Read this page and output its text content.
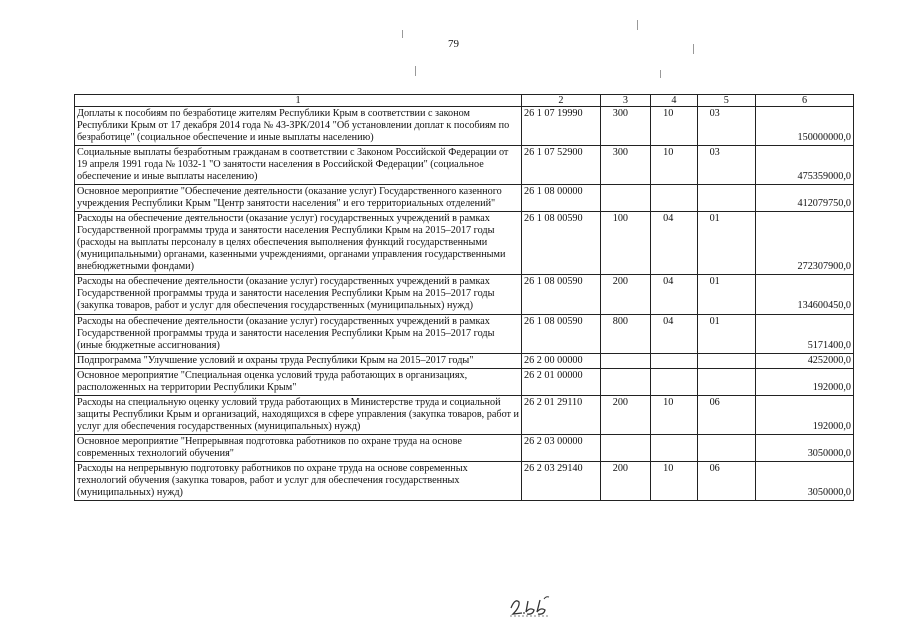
79
1	2	3	4	5	6
Доплаты к пособиям по безработице жителям Республики Крым в соответствии с законом Республики Крым от 17 декабря 2014 года № 43-ЗРК/2014 "Об установлении доплат к пособиям по безработице" (социальное обеспечение и иные выплаты населению)	26 1 07 19990	300	10	03	150000000,0
Социальные выплаты безработным гражданам в соответствии с Законом Российской Федерации от 19 апреля 1991 года № 1032-1 "О занятости населения в Российской Федерации" (социальное обеспечение и иные выплаты населению)	26 1 07 52900	300	10	03	475359000,0
Основное мероприятие "Обеспечение деятельности (оказание услуг) Государственного казенного учреждения Республики Крым "Центр занятости населения" и его территориальных отделений"	26 1 08 00000				412079750,0
Расходы на обеспечение деятельности (оказание услуг) государственных учреждений в рамках Государственной программы труда и занятости населения Республики Крым на 2015–2017 годы (расходы на выплаты персоналу в целях обеспечения выполнения функций государственными (муниципальными) органами, казенными учреждениями, органами управления государственными внебюджетными фондами)	26 1 08 00590	100	04	01	272307900,0
Расходы на обеспечение деятельности (оказание услуг) государственных учреждений в рамках Государственной программы труда и занятости населения Республики Крым на 2015–2017 годы (закупка товаров, работ и услуг для обеспечения государственных (муниципальных) нужд)	26 1 08 00590	200	04	01	134600450,0
Расходы на обеспечение деятельности (оказание услуг) государственных учреждений в рамках Государственной программы труда и занятости населения Республики Крым на 2015–2017 годы (иные бюджетные ассигнования)	26 1 08 00590	800	04	01	5171400,0
Подпрограмма "Улучшение условий и охраны труда Республики Крым на 2015–2017 годы"	26 2 00 00000				4252000,0
Основное мероприятие "Специальная оценка условий труда работающих в организациях, расположенных на территории Республики Крым"	26 2 01 00000				192000,0
Расходы на специальную оценку условий труда работающих в Министерстве труда и социальной защиты Республики Крым и организаций, находящихся в сфере управления (закупка товаров, работ и услуг для обеспечения государственных (муниципальных) нужд)	26 2 01 29110	200	10	06	192000,0
Основное мероприятие "Непрерывная подготовка работников по охране труда на основе современных технологий обучения"	26 2 03 00000				3050000,0
Расходы на непрерывную подготовку работников по охране труда на основе современных технологий обучения (закупка товаров, работ и услуг для обеспечения государственных (муниципальных) нужд)	26 2 03 29140	200	10	06	3050000,0
